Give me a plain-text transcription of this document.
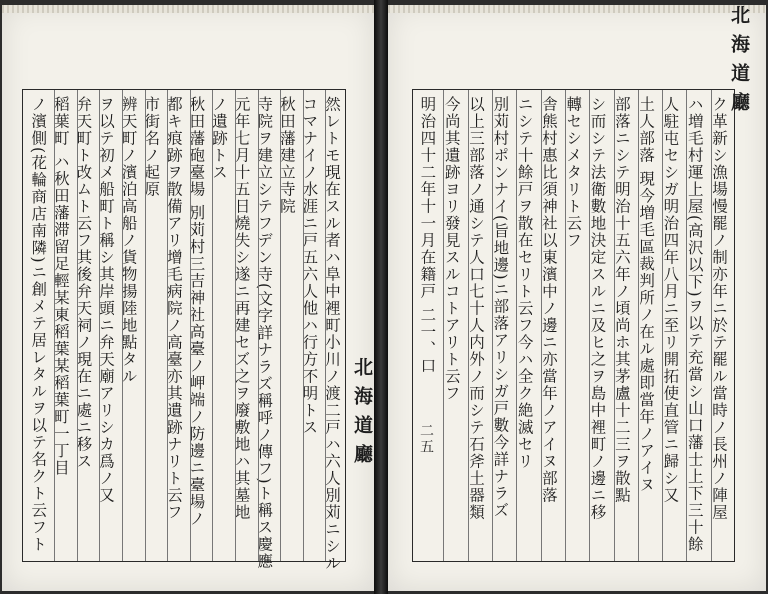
然レトモ現在スル者ハ阜中裡町小川ノ渡二戸ハ六人別苅ニシル
コマナイノ水涯ニ戸五六人他ハ行方不明トス
秋田藩建立寺院
寺院ヲ建立シテフデン寺(文字詳ナラズ稱呼ノ傳フ)ト稱ス慶應
元年七月十五日燒失シ遂ニ再建セズ之ヲ廢敷地ハ其墓地
ノ遺跡トス
秋田藩砲臺場 別苅村三吉神社高臺ノ岬端ノ防邊ニ臺場ノ
都キ痕跡ヲ散備アリ增毛病院ノ高臺亦其遺跡ナリト云フ
市街名ノ起原
辨天町ノ濱泊高船ノ貨物揚陸地點タル
ヲ以テ初メ船町ト稱シ其岸頭ニ弁天廟アリシカ爲ノ又
弁天町ト改ムト云フ其後弁天祠ノ現在ニ處ニ移ス
稻葉町 ハ秋田藩滞留足輕某東稻葉某稻葉町一丁目
ノ濱側(花輪商店南隣)ニ創メテ居レタルヲ以テ名クト云フト	北海道廳	ク革新シ漁場慢罷ノ制亦年ニ於テ罷ル當時ノ長州ノ陣屋
ハ増毛村運上屋(高沢以下)ヲ以テ充當シ山口藩士上下三十餘
人駐屯セシガ明治四年八月ニ至リ開拓使直管ニ歸シ又
土人部落 現今増毛區裁判所ノ在ル處即當年ノアイヌ
部落ニシテ明治十五六年ノ頃尚ホ其茅盧十二三ヲ散點
シ而シテ法衛數地決定スルニ及ヒ之ヲ島中裡町ノ邊ニ移
轉セシメタリト云フ
舎熊村惠比須神社以東濱中ノ邊ニ亦當年ノアイヌ部落
ニシテ十餘戸ヲ散在セリト云フ今ハ全ク絶滅セリ
別苅村ポンナイ(旨地邊)ニ部落アリシガ戸數今詳ナラズ
以上三部落ノ通シテ人口七十人内外ノ而シテ石斧土器類
今尚其遺跡ヨリ發見スルコトアリト云フ
明治四十二年十一月在籍戸 二一、口
北海道廳
二五
